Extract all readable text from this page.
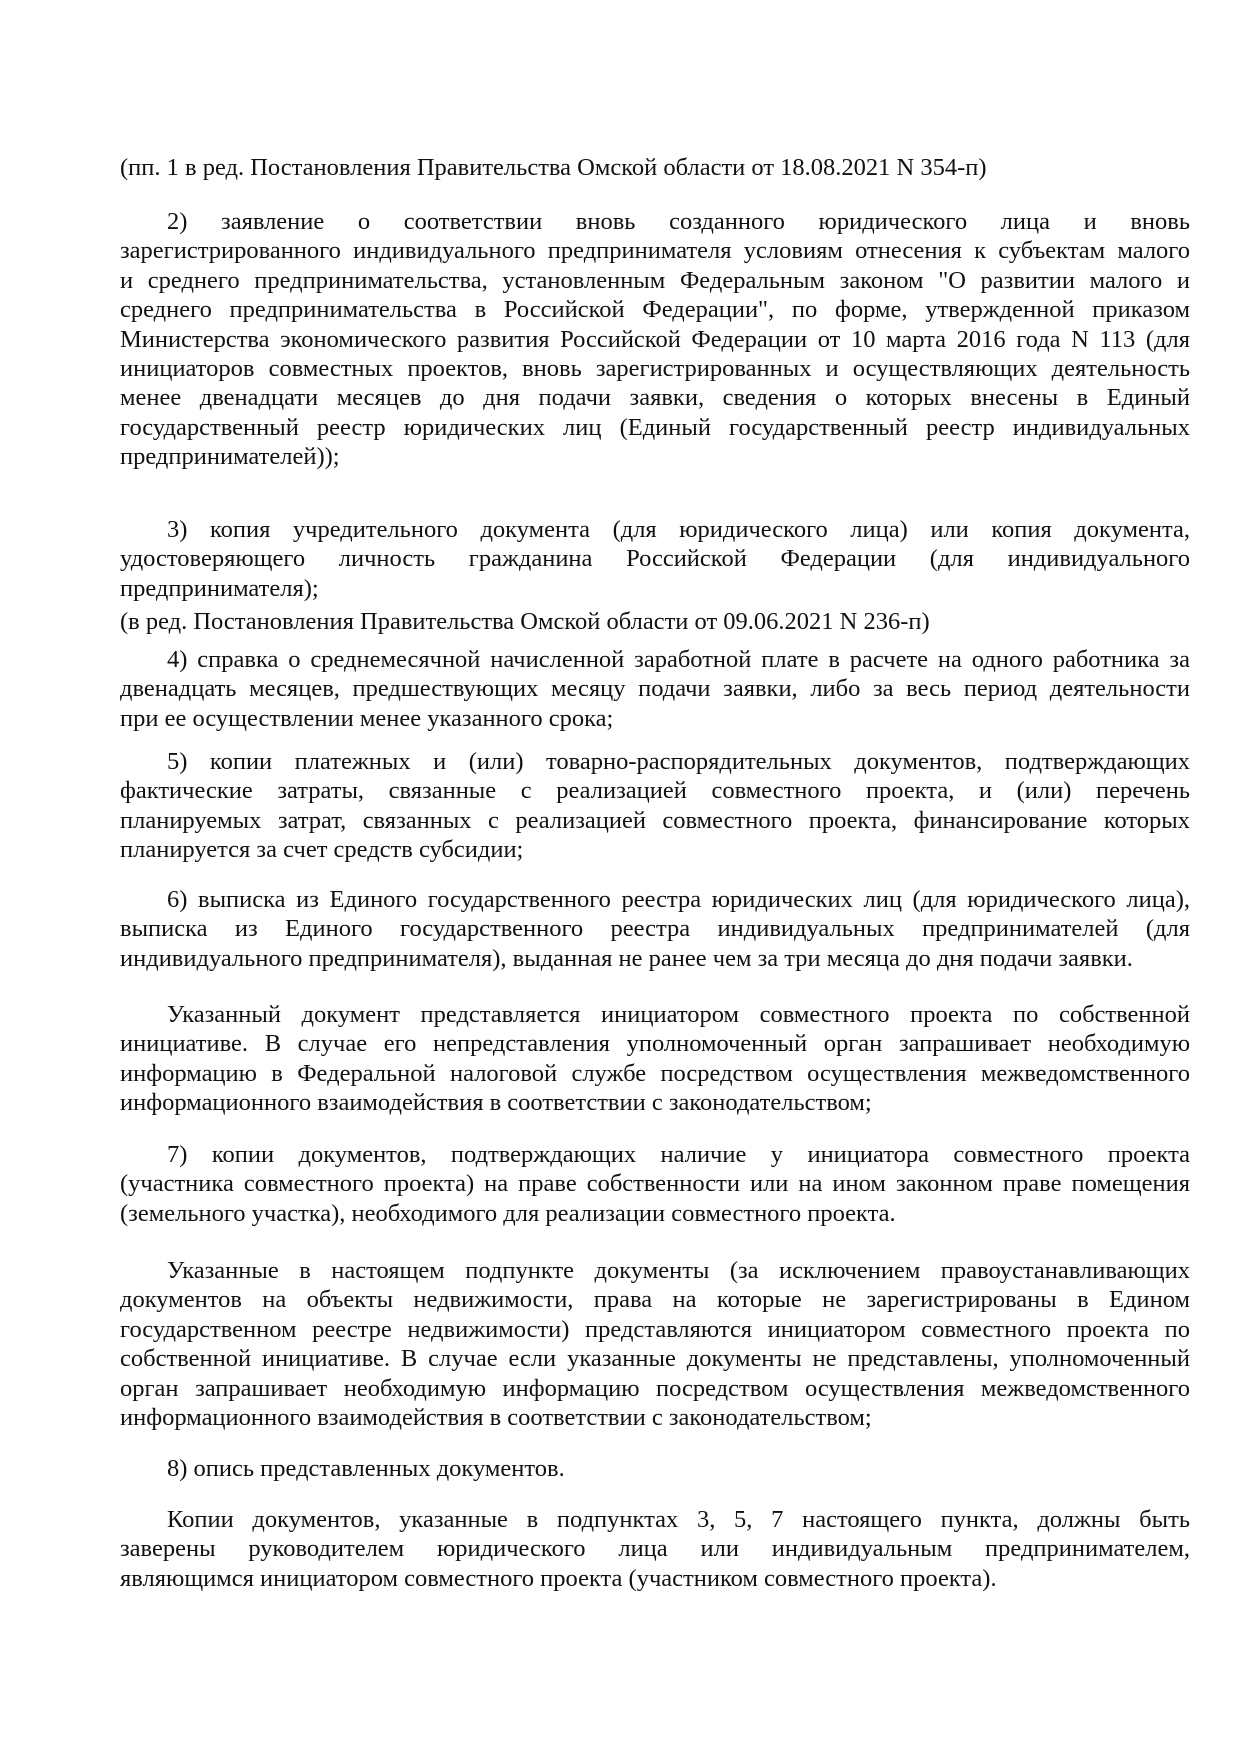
(пп. 1 в ред. Постановления Правительства Омской области от 18.08.2021 N 354-п)
2) заявление о соответствии вновь созданного юридического лица и вновь
зарегистрированного индивидуального предпринимателя условиям отнесения к субъектам малого
и среднего предпринимательства, установленным Федеральным законом "О развитии малого и
среднего предпринимательства в Российской Федерации", по форме, утвержденной приказом
Министерства экономического развития Российской Федерации от 10 марта 2016 года N 113 (для
инициаторов совместных проектов, вновь зарегистрированных и осуществляющих деятельность
менее двенадцати месяцев до дня подачи заявки, сведения о которых внесены в Единый
государственный реестр юридических лиц (Единый государственный реестр индивидуальных
предпринимателей));
3) копия учредительного документа (для юридического лица) или копия документа,
удостоверяющего личность гражданина Российской Федерации (для индивидуального
предпринимателя);
(в ред. Постановления Правительства Омской области от 09.06.2021 N 236-п)
4) справка о среднемесячной начисленной заработной плате в расчете на одного работника за
двенадцать месяцев, предшествующих месяцу подачи заявки, либо за весь период деятельности
при ее осуществлении менее указанного срока;
5) копии платежных и (или) товарно-распорядительных документов, подтверждающих
фактические затраты, связанные с реализацией совместного проекта, и (или) перечень
планируемых затрат, связанных с реализацией совместного проекта, финансирование которых
планируется за счет средств субсидии;
6) выписка из Единого государственного реестра юридических лиц (для юридического лица),
выписка из Единого государственного реестра индивидуальных предпринимателей (для
индивидуального предпринимателя), выданная не ранее чем за три месяца до дня подачи заявки.
Указанный документ представляется инициатором совместного проекта по собственной
инициативе. В случае его непредставления уполномоченный орган запрашивает необходимую
информацию в Федеральной налоговой службе посредством осуществления межведомственного
информационного взаимодействия в соответствии с законодательством;
7) копии документов, подтверждающих наличие у инициатора совместного проекта
(участника совместного проекта) на праве собственности или на ином законном праве помещения
(земельного участка), необходимого для реализации совместного проекта.
Указанные в настоящем подпункте документы (за исключением правоустанавливающих
документов на объекты недвижимости, права на которые не зарегистрированы в Едином
государственном реестре недвижимости) представляются инициатором совместного проекта по
собственной инициативе. В случае если указанные документы не представлены, уполномоченный
орган запрашивает необходимую информацию посредством осуществления межведомственного
информационного взаимодействия в соответствии с законодательством;
8) опись представленных документов.
Копии документов, указанные в подпунктах 3, 5, 7 настоящего пункта, должны быть
заверены руководителем юридического лица или индивидуальным предпринимателем,
являющимся инициатором совместного проекта (участником совместного проекта).
